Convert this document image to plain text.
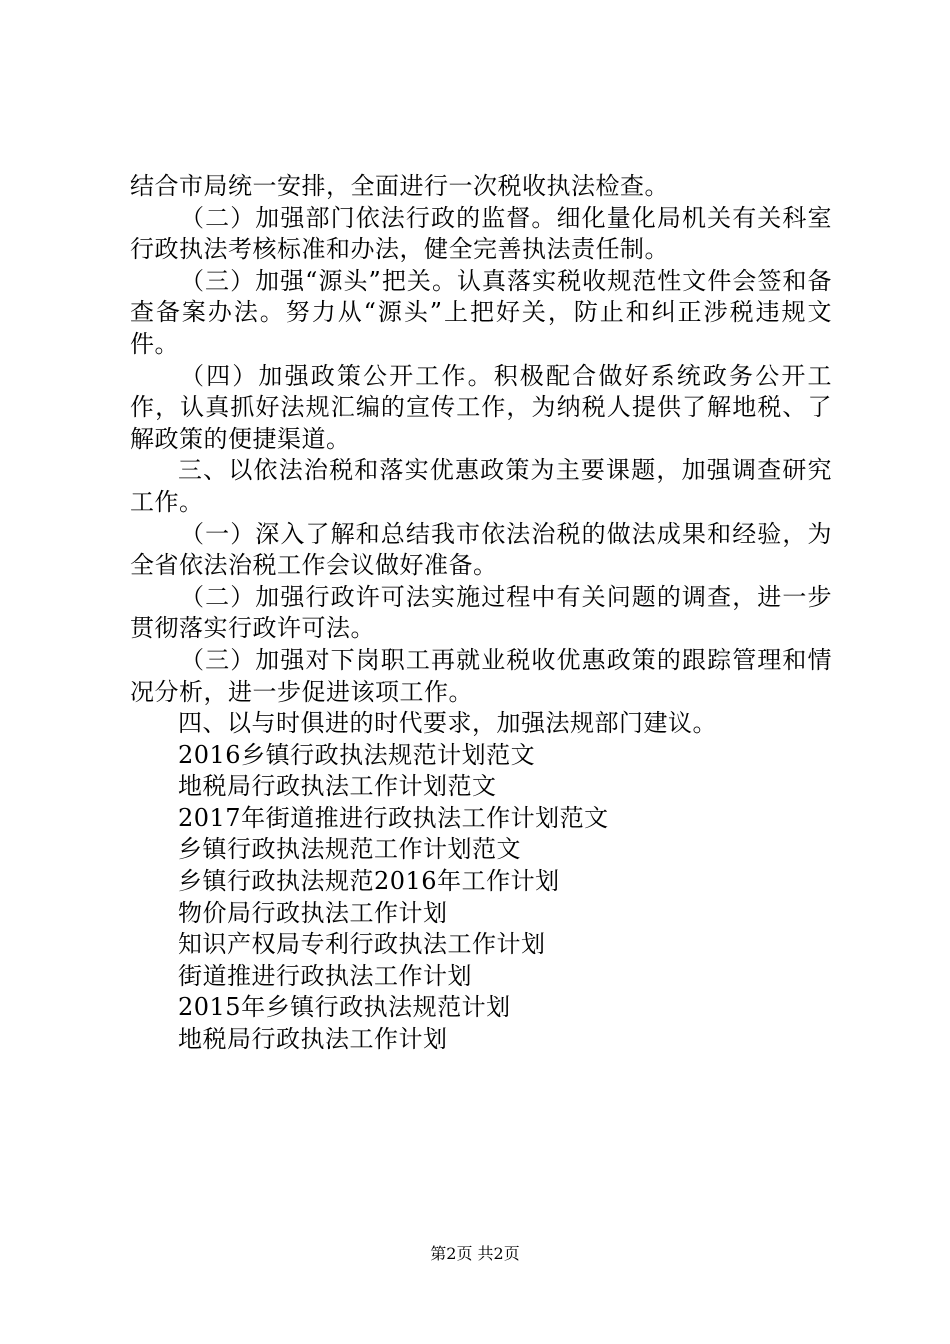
结合市局统一安排，全面进行一次税收执法检查。

（二）加强部门依法行政的监督。细化量化局机关有关科室行政执法考核标准和办法，健全完善执法责任制。

（三）加强“源头”把关。认真落实税收规范性文件会签和备查备案办法。努力从“源头”上把好关，防止和纠正涉税违规文件。

（四）加强政策公开工作。积极配合做好系统政务公开工作，认真抓好法规汇编的宣传工作，为纳税人提供了解地税、了解政策的便捷渠道。

三、以依法治税和落实优惠政策为主要课题，加强调查研究工作。

（一）深入了解和总结我市依法治税的做法成果和经验，为全省依法治税工作会议做好准备。

（二）加强行政许可法实施过程中有关问题的调查，进一步贯彻落实行政许可法。

（三）加强对下岗职工再就业税收优惠政策的跟踪管理和情况分析，进一步促进该项工作。

四、以与时俱进的时代要求，加强法规部门建议。

2016乡镇行政执法规范计划范文
地税局行政执法工作计划范文
2017年街道推进行政执法工作计划范文
乡镇行政执法规范工作计划范文
乡镇行政执法规范2016年工作计划
物价局行政执法工作计划
知识产权局专利行政执法工作计划
街道推进行政执法工作计划
2015年乡镇行政执法规范计划
地税局行政执法工作计划
第2页 共2页
